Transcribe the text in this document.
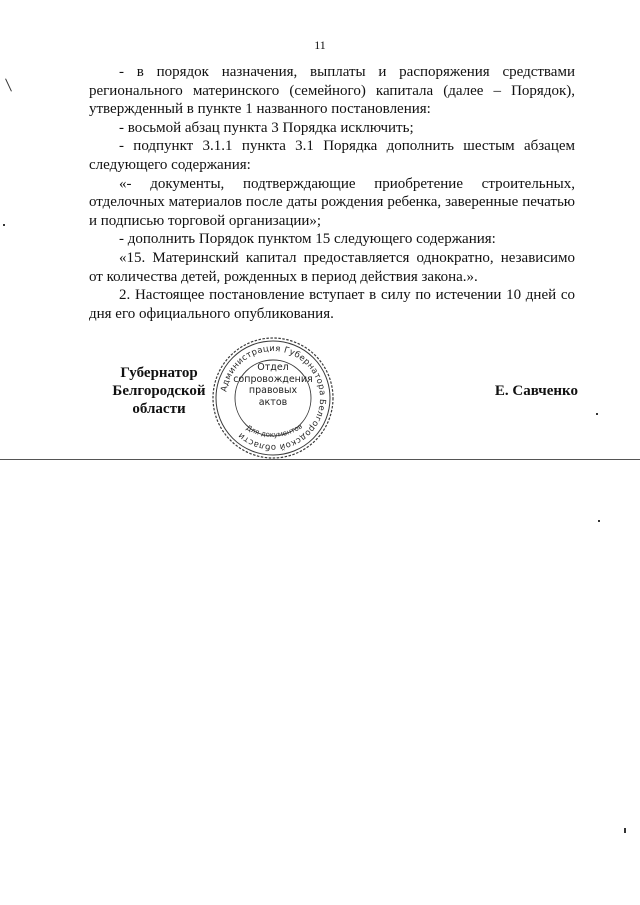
11

- в порядок назначения, выплаты и распоряжения средствами регионального материнского (семейного) капитала (далее – Порядок), утвержденный в пункте 1 названного постановления:

- восьмой абзац пункта 3 Порядка исключить;

- подпункт 3.1.1 пункта 3.1 Порядка дополнить шестым абзацем следующего содержания:

«- документы, подтверждающие приобретение строительных, отделочных материалов после даты рождения ребенка, заверенные печатью и подписью торговой организации»;

- дополнить Порядок пунктом 15 следующего содержания:

«15. Материнский капитал предоставляется однократно, независимо от количества детей, рожденных в период действия закона.».

2. Настоящее постановление вступает в силу по истечении 10 дней со дня его официального опубликования.

Губернатор
Белгородской области
Е. Савченко
Администрация Губернатора Белгородской области
Для документов
Отдел
сопровождения
правовых
актов
